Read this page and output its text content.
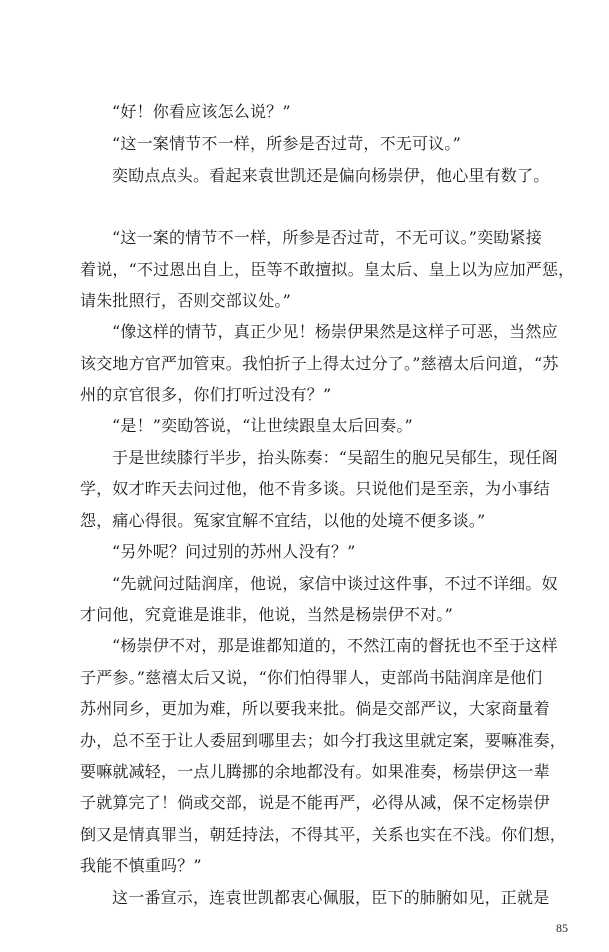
“好！你看应该怎么说？”
“这一案情节不一样，所参是否过苛，不无可议。”
奕劻点点头。看起来袁世凯还是偏向杨崇伊，他心里有数了。
“这一案的情节不一样，所参是否过苛，不无可议。”奕劻紧接
着说，“不过恩出自上，臣等不敢擅拟。皇太后、皇上以为应加严惩，
请朱批照行，否则交部议处。”
“像这样的情节，真正少见！杨崇伊果然是这样子可恶，当然应
该交地方官严加管束。我怕折子上得太过分了。”慈禧太后问道，“苏
州的京官很多，你们打听过没有？”
“是！”奕劻答说，“让世续跟皇太后回奏。”
于是世续膝行半步，抬头陈奏：“吴韶生的胞兄吴郁生，现任阁
学，奴才昨天去问过他，他不肯多谈。只说他们是至亲，为小事结
怨，痛心得很。冤家宜解不宜结，以他的处境不便多谈。”
“另外呢？问过别的苏州人没有？”
“先就问过陆润庠，他说，家信中谈过这件事，不过不详细。奴
才问他，究竟谁是谁非，他说，当然是杨崇伊不对。”
“杨崇伊不对，那是谁都知道的，不然江南的督抚也不至于这样
子严参。”慈禧太后又说，“你们怕得罪人，吏部尚书陆润庠是他们
苏州同乡，更加为难，所以要我来批。倘是交部严议，大家商量着
办，总不至于让人委屈到哪里去；如今打我这里就定案，要嘛准奏，
要嘛就减轻，一点儿腾挪的余地都没有。如果准奏，杨崇伊这一辈
子就算完了！倘或交部，说是不能再严，必得从减，保不定杨崇伊
倒又是情真罪当，朝廷持法，不得其平，关系也实在不浅。你们想，
我能不慎重吗？”
这一番宣示，连袁世凯都衷心佩服，臣下的肺腑如见，正就是
85
